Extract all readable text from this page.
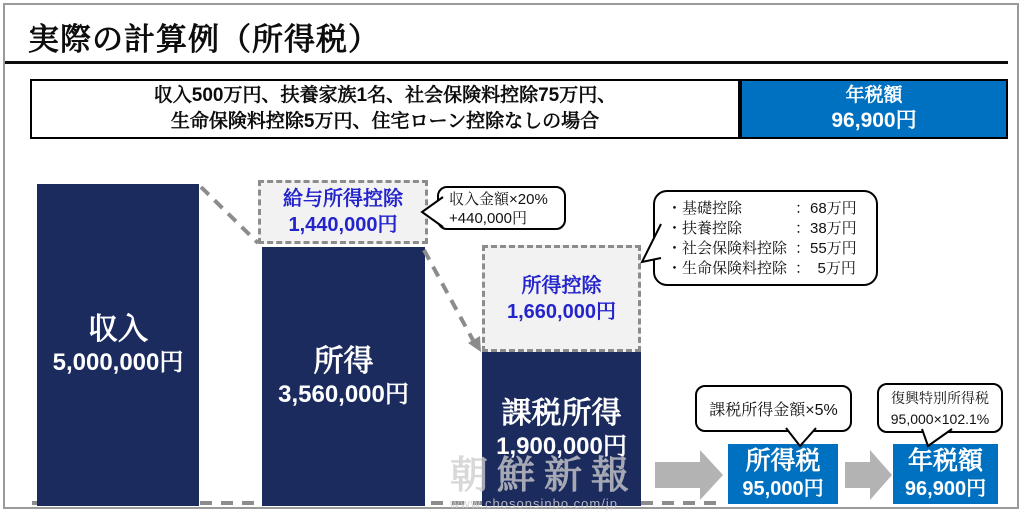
実際の計算例（所得税）
収入500万円、扶養家族1名、社会保険料控除75万円、
生命保険料控除5万円、住宅ローン控除なしの場合
年税額
96,900円
収入
5,000,000円	所得
3,560,000円
課税所得
1,900,000円
給与所得控除
1,440,000円
所得控除
1,660,000円
収入金額×20%
+440,000円
・基礎控除	：68万円
・扶養控除	：38万円
・社会保険料控除 ：55万円
・生命保険料控除 ：　5万円
課税所得金額×5%
復興特別所得税
95,000×102.1%
所得税
95,000円
年税額
96,900円
朝鮮新報
www.chosonsinbo.com/jp
